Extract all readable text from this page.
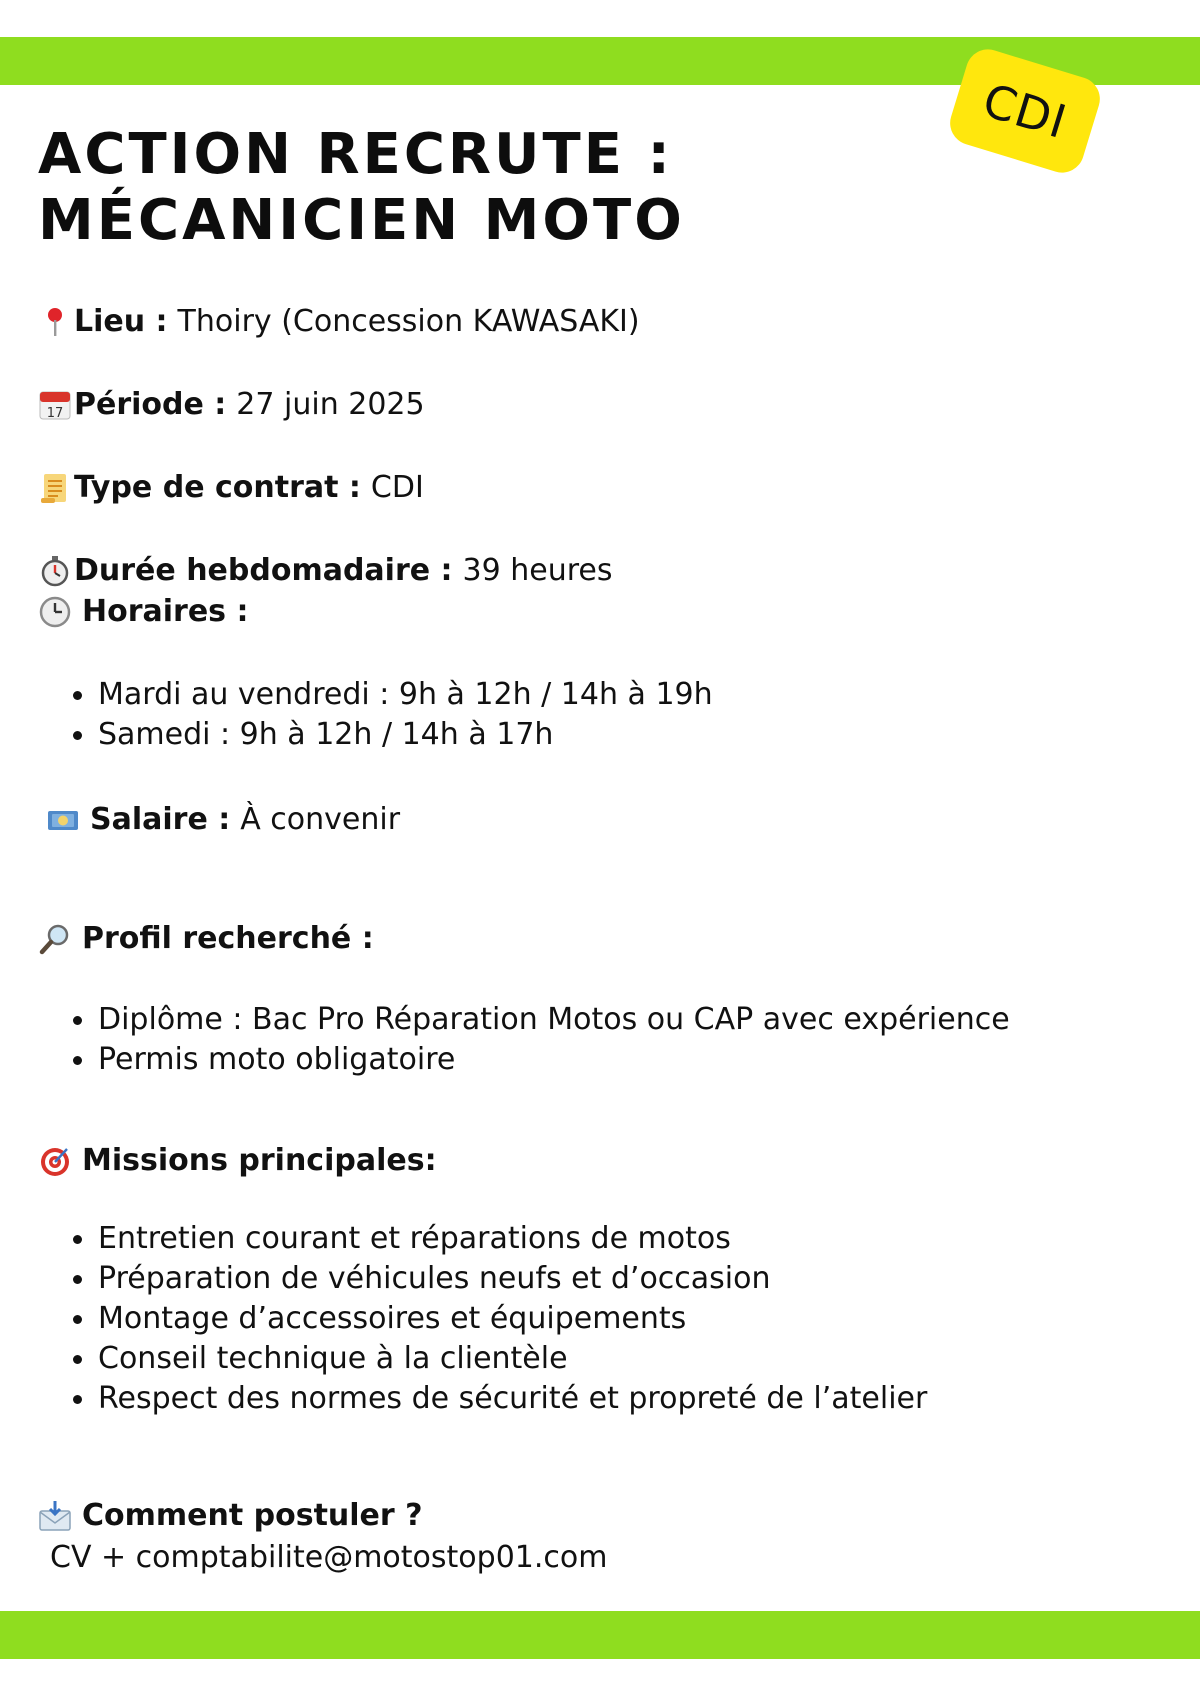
CDI
ACTION RECRUTE :
MÉCANICIEN MOTO
Lieu : Thoiry (Concession KAWASAKI)
17 Période : 27 juin 2025
Type de contrat : CDI
Durée hebdomadaire : 39 heures
Horaires :
Mardi au vendredi : 9h à 12h / 14h à 19h
Samedi : 9h à 12h / 14h à 17h
Salaire : À convenir
Profil recherché :
Diplôme : Bac Pro Réparation Motos ou CAP avec expérience
Permis moto obligatoire
Missions principales:
Entretien courant et réparations de motos
Préparation de véhicules neufs et d’occasion
Montage d’accessoires et équipements
Conseil technique à la clientèle
Respect des normes de sécurité et propreté de l’atelier
Comment postuler ?
CV + comptabilite@motostop01.com
